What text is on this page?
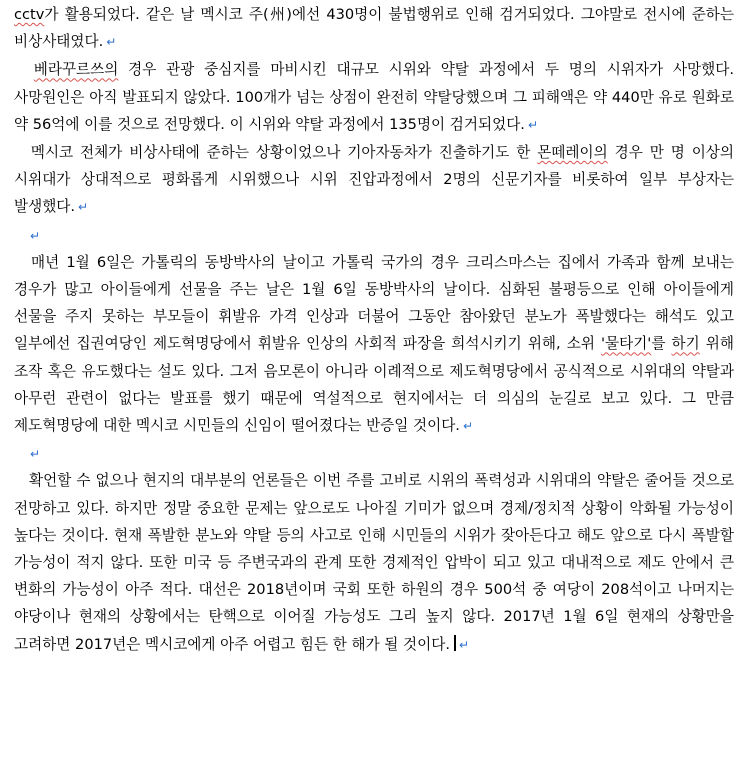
cctv가 활용되었다. 같은 날 멕시코 주(州)에선 430명이 불법행위로 인해 검거되었다. 그야말로 전시에 준하는 비상사태였다. ↵

　베라꾸르쓰의 경우 관광 중심지를 마비시킨 대규모 시위와 약탈 과정에서 두 명의 시위자가 사망했다. 사망원인은 아직 발표되지 않았다. 100개가 넘는 상점이 완전히 약탈당했으며 그 피해액은 약 440만 유로 원화로 약 56억에 이를 것으로 전망했다. 이 시위와 약탈 과정에서 135명이 검거되었다. ↵

　멕시코 전체가 비상사태에 준하는 상황이었으나 기아자동차가 진출하기도 한 몬떼레이의 경우 만 명 이상의 시위대가 상대적으로 평화롭게 시위했으나 시위 진압과정에서 2명의 신문기자를 비롯하여 일부 부상자는 발생했다. ↵

↵

　매년 1월 6일은 가톨릭의 동방박사의 날이고 가톨릭 국가의 경우 크리스마스는 집에서 가족과 함께 보내는 경우가 많고 아이들에게 선물을 주는 날은 1월 6일 동방박사의 날이다. 심화된 불평등으로 인해 아이들에게 선물을 주지 못하는 부모들이 휘발유 가격 인상과 더불어 그동안 참아왔던 분노가 폭발했다는 해석도 있고 일부에선 집권여당인 제도혁명당에서 휘발유 인상의 사회적 파장을 희석시키기 위해, 소위 '물타기'를 하기 위해 조작 혹은 유도했다는 설도 있다. 그저 음모론이 아니라 이례적으로 제도혁명당에서 공식적으로 시위대의 약탈과 아무런 관련이 없다는 발표를 했기 때문에 역설적으로 현지에서는 더 의심의 눈길로 보고 있다. 그 만큼 제도혁명당에 대한 멕시코 시민들의 신임이 떨어졌다는 반증일 것이다. ↵

↵

　확언할 수 없으나 현지의 대부분의 언론들은 이번 주를 고비로 시위의 폭력성과 시위대의 약탈은 줄어들 것으로 전망하고 있다. 하지만 정말 중요한 문제는 앞으로도 나아질 기미가 없으며 경제/정치적 상황이 악화될 가능성이 높다는 것이다. 현재 폭발한 분노와 약탈 등의 사고로 인해 시민들의 시위가 잦아든다고 해도 앞으로 다시 폭발할 가능성이 적지 않다. 또한 미국 등 주변국과의 관계 또한 경제적인 압박이 되고 있고 대내적으로 제도 안에서 큰 변화의 가능성이 아주 적다. 대선은 2018년이며 국회 또한 하원의 경우 500석 중 여당이 208석이고 나머지는 야당이나 현재의 상황에서는 탄핵으로 이어질 가능성도 그리 높지 않다. 2017년 1월 6일 현재의 상황만을 고려하면 2017년은 멕시코에게 아주 어렵고 힘든 한 해가 될 것이다. ↵
